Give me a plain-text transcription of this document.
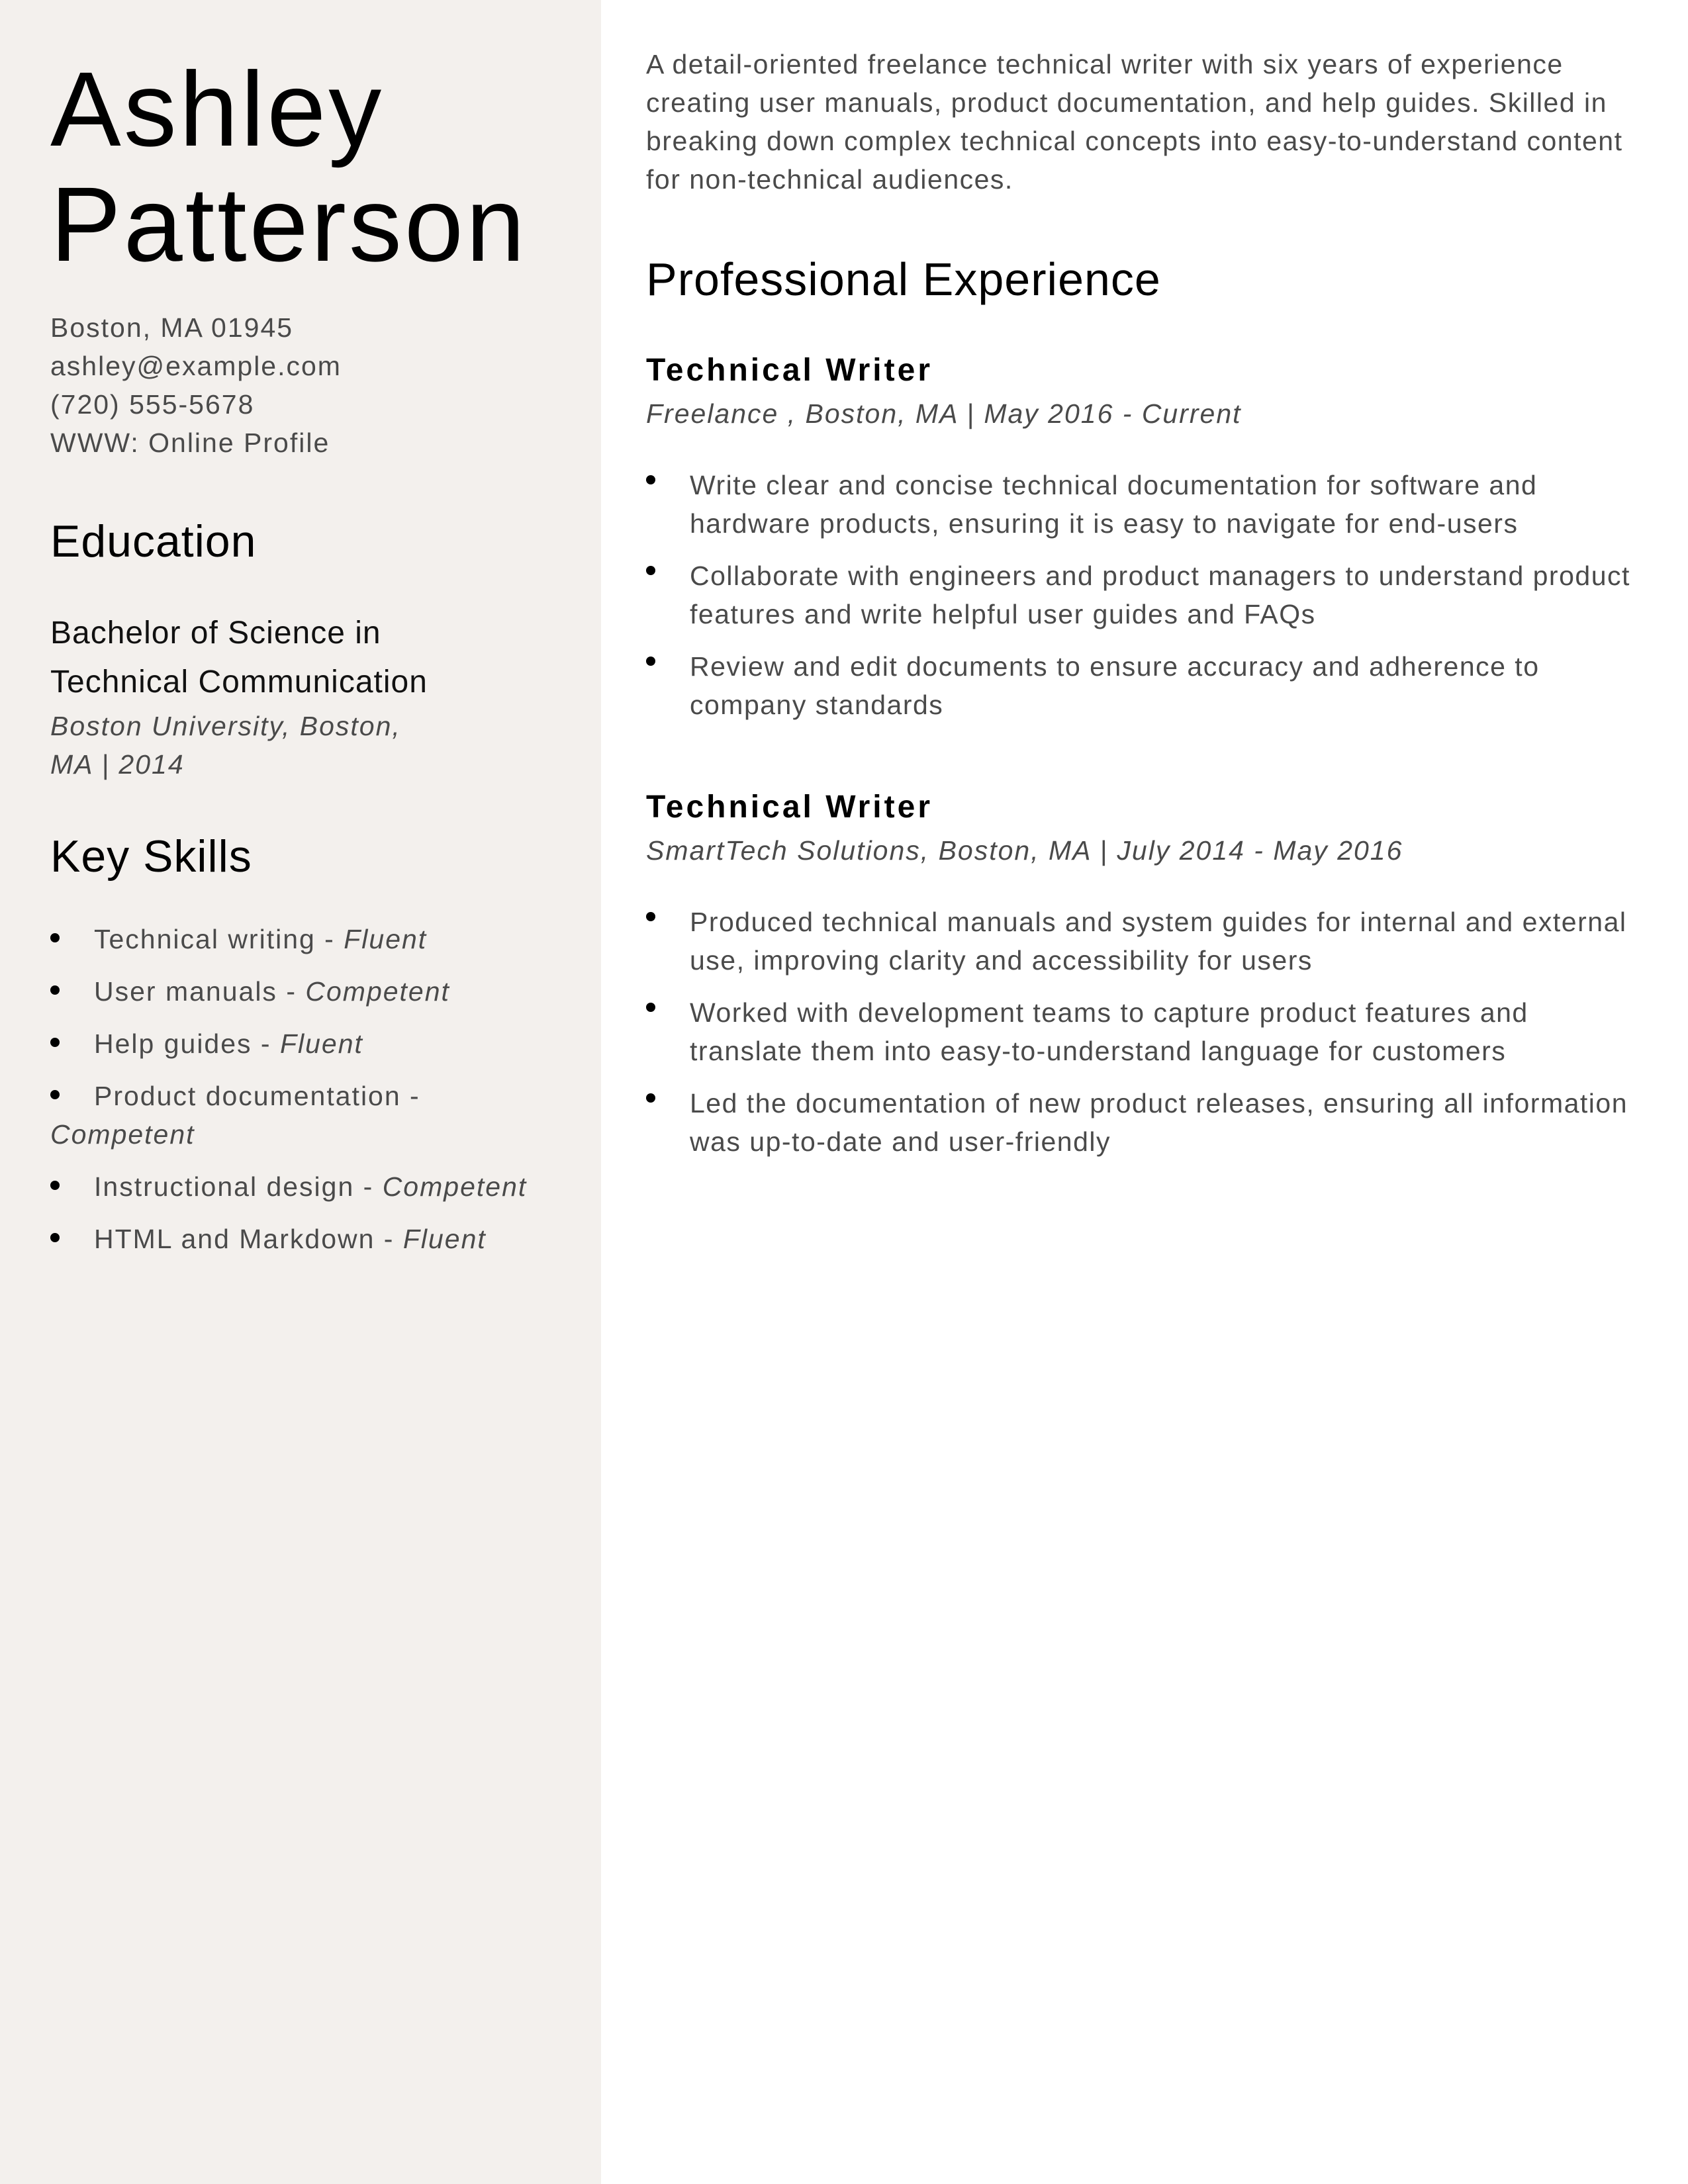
Ashley
Patterson
Boston, MA 01945
ashley@example.com
(720) 555-5678
WWW: Online Profile
Education
Bachelor of Science in
Technical Communication
Boston University, Boston,
MA | 2014
Key Skills
Technical writing - Fluent
User manuals - Competent
Help guides - Fluent
Product documentation - Competent
Instructional design - Competent
HTML and Markdown - Fluent

A detail-oriented freelance technical writer with six years of experience creating user manuals, product documentation, and help guides. Skilled in breaking down complex technical concepts into easy-to-understand content for non-technical audiences.

Professional Experience
Technical Writer
Freelance , Boston, MA | May 2016 - Current
Write clear and concise technical documentation for software and hardware products, ensuring it is easy to navigate for end-users
Collaborate with engineers and product managers to understand product features and write helpful user guides and FAQs
Review and edit documents to ensure accuracy and adherence to company standards
Technical Writer
SmartTech Solutions, Boston, MA | July 2014 - May 2016
Produced technical manuals and system guides for internal and external use, improving clarity and accessibility for users
Worked with development teams to capture product features and translate them into easy-to-understand language for customers
Led the documentation of new product releases, ensuring all information was up-to-date and user-friendly
